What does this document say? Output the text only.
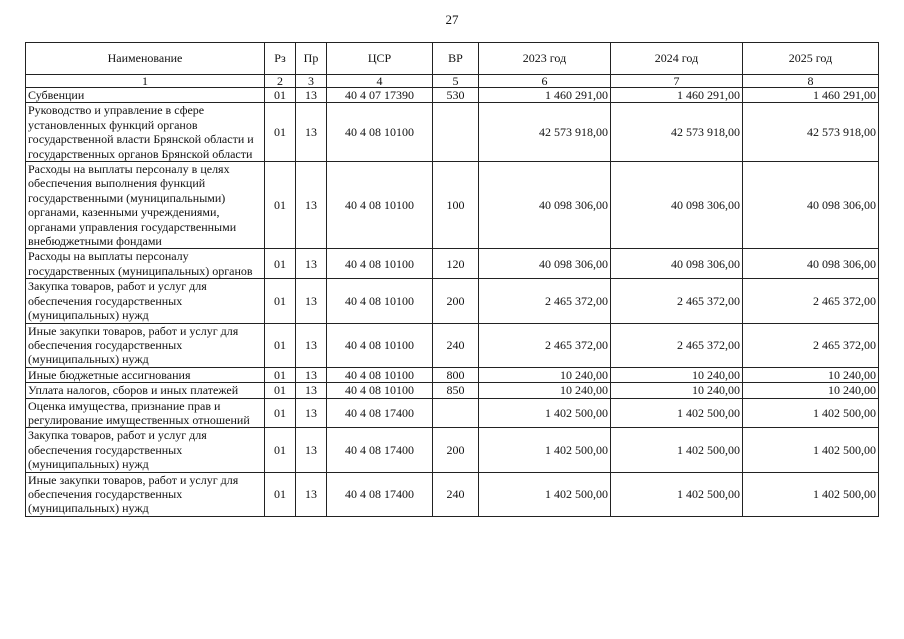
27
Наименование	Рз	Пр	ЦСР	ВР	2023 год	2024 год	2025 год
1	2	3	4	5	6	7	8
Субвенции	01	13	40 4 07 17390	530	1 460 291,00	1 460 291,00	1 460 291,00
Руководство и управление в сфере установленных функций органов государственной власти Брянской области и государственных органов Брянской области	01	13	40 4 08 10100		42 573 918,00	42 573 918,00	42 573 918,00
Расходы на выплаты персоналу в целях обеспечения выполнения функций государственными (муниципальными) органами, казенными учреждениями, органами управления государственными внебюджетными фондами	01	13	40 4 08 10100	100	40 098 306,00	40 098 306,00	40 098 306,00
Расходы на выплаты персоналу государственных (муниципальных) органов	01	13	40 4 08 10100	120	40 098 306,00	40 098 306,00	40 098 306,00
Закупка товаров, работ и услуг для обеспечения государственных (муниципальных) нужд	01	13	40 4 08 10100	200	2 465 372,00	2 465 372,00	2 465 372,00
Иные закупки товаров, работ и услуг для обеспечения государственных (муниципальных) нужд	01	13	40 4 08 10100	240	2 465 372,00	2 465 372,00	2 465 372,00
Иные бюджетные ассигнования	01	13	40 4 08 10100	800	10 240,00	10 240,00	10 240,00
Уплата налогов, сборов и иных платежей	01	13	40 4 08 10100	850	10 240,00	10 240,00	10 240,00
Оценка имущества, признание прав и регулирование имущественных отношений	01	13	40 4 08 17400		1 402 500,00	1 402 500,00	1 402 500,00
Закупка товаров, работ и услуг для обеспечения государственных (муниципальных) нужд	01	13	40 4 08 17400	200	1 402 500,00	1 402 500,00	1 402 500,00
Иные закупки товаров, работ и услуг для обеспечения государственных (муниципальных) нужд	01	13	40 4 08 17400	240	1 402 500,00	1 402 500,00	1 402 500,00
